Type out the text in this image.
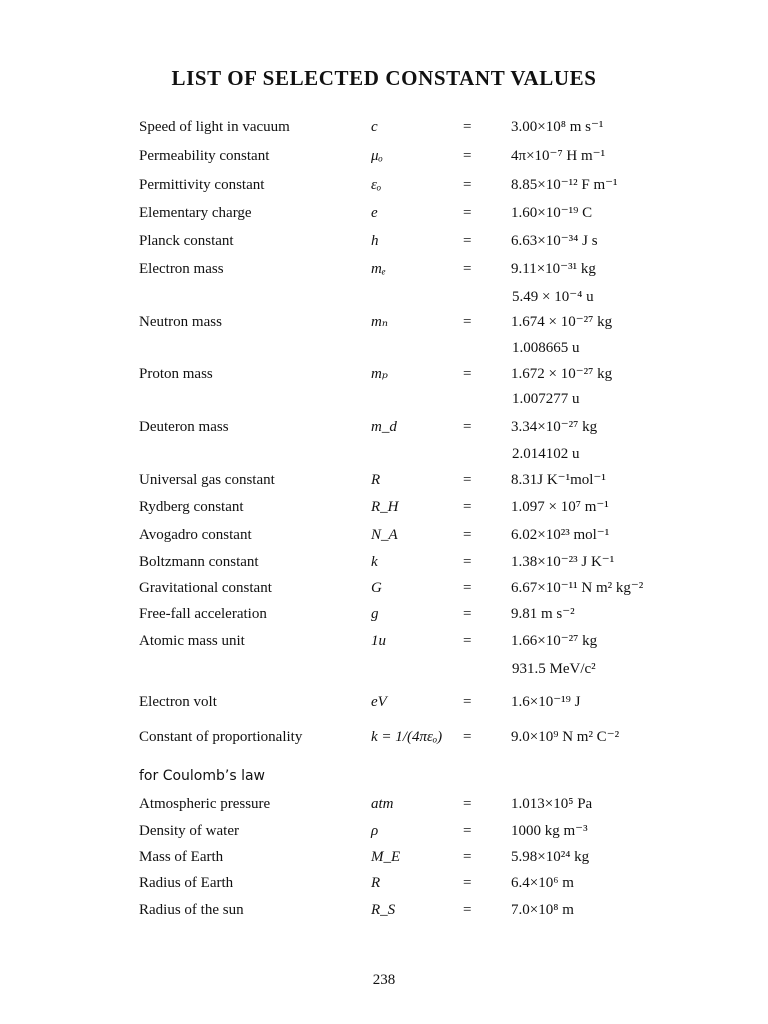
LIST OF SELECTED CONSTANT VALUES
Speed of light in vacuum	c	=	3.00×10⁸ m s⁻¹
Permeability constant	μₒ	=	4π×10⁻⁷ H m⁻¹
Permittivity constant	εₒ	=	8.85×10⁻¹² F m⁻¹
Elementary charge	e	=	1.60×10⁻¹⁹ C
Planck constant	h	=	6.63×10⁻³⁴ J s
Electron mass	mₑ	=	9.11×10⁻³¹ kg
5.49 × 10⁻⁴ u
Neutron mass	mₙ	=	1.674 × 10⁻²⁷ kg
1.008665 u
Proton mass	mₚ	=	1.672 × 10⁻²⁷ kg
1.007277 u
Deuteron mass	m_d	=	3.34×10⁻²⁷ kg
2.014102 u
Universal gas constant	R	=	8.31J K⁻¹mol⁻¹
Rydberg constant	R_H	=	1.097 × 10⁷ m⁻¹
Avogadro constant	N_A	=	6.02×10²³ mol⁻¹
Boltzmann constant	k	=	1.38×10⁻²³ J K⁻¹
Gravitational constant	G	=	6.67×10⁻¹¹ N m² kg⁻²
Free-fall acceleration	g	=	9.81 m s⁻²
Atomic mass unit	1u	=	1.66×10⁻²⁷ kg
931.5 MeV/c²
Electron volt	eV	=	1.6×10⁻¹⁹ J
Constant of proportionality	k = 1/(4πεₒ) =	9.0×10⁹ N m² C⁻²
for Coulomb’s law
Atmospheric pressure	atm	=	1.013×10⁵ Pa
Density of water	ρ	=	1000 kg m⁻³
Mass of Earth	M_E	=	5.98×10²⁴ kg
Radius of Earth	R	=	6.4×10⁶ m
Radius of the sun	R_S	=	7.0×10⁸ m
238
